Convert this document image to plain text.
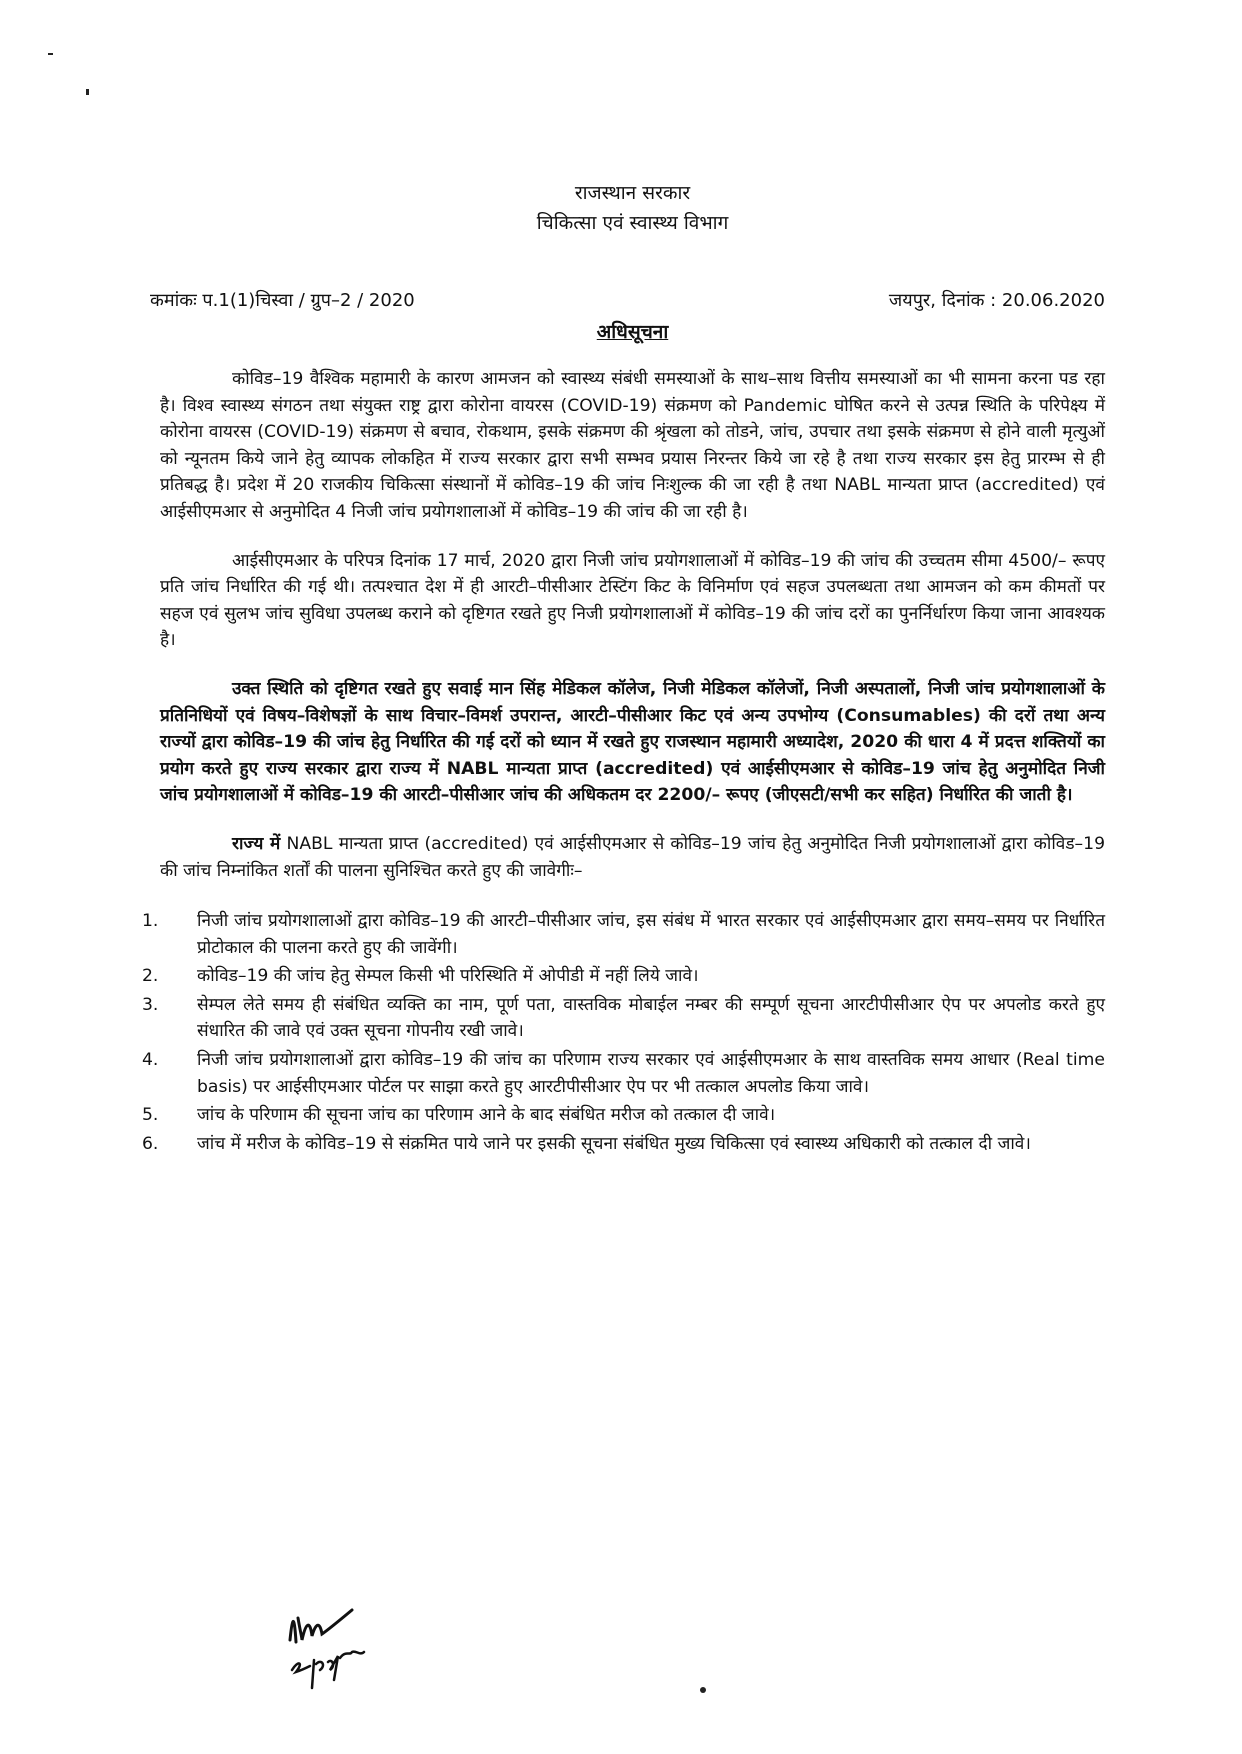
राजस्थान सरकार
चिकित्सा एवं स्वास्थ्य विभाग
कमांकः प.1(1)चिस्वा / ग्रुप–2 / 2020	जयपुर, दिनांक : 20.06.2020
अधिसूचना

कोविड–19 वैश्विक महामारी के कारण आमजन को स्वास्थ्य संबंधी समस्याओं के साथ–साथ वित्तीय समस्याओं का भी सामना करना पड रहा है। विश्व स्वास्थ्य संगठन तथा संयुक्त राष्ट्र द्वारा कोरोना वायरस (COVID-19) संक्रमण को Pandemic घोषित करने से उत्पन्न स्थिति के परिपेक्ष्य में कोरोना वायरस (COVID-19) संक्रमण से बचाव, रोकथाम, इसके संक्रमण की श्रृंखला को तोडने, जांच, उपचार तथा इसके संक्रमण से होने वाली मृत्युओं को न्यूनतम किये जाने हेतु व्यापक लोकहित में राज्य सरकार द्वारा सभी सम्भव प्रयास निरन्तर किये जा रहे है तथा राज्य सरकार इस हेतु प्रारम्भ से ही प्रतिबद्ध है। प्रदेश में 20 राजकीय चिकित्सा संस्थानों में कोविड–19 की जांच निःशुल्क की जा रही है तथा NABL मान्यता प्राप्त (accredited) एवं आईसीएमआर से अनुमोदित 4 निजी जांच प्रयोगशालाओं में कोविड–19 की जांच की जा रही है।

आईसीएमआर के परिपत्र दिनांक 17 मार्च, 2020 द्वारा निजी जांच प्रयोगशालाओं में कोविड–19 की जांच की उच्चतम सीमा 4500/– रूपए प्रति जांच निर्धारित की गई थी। तत्पश्चात देश में ही आरटी–पीसीआर टेस्टिंग किट के विनिर्माण एवं सहज उपलब्धता तथा आमजन को कम कीमतों पर सहज एवं सुलभ जांच सुविधा उपलब्ध कराने को दृष्टिगत रखते हुए निजी प्रयोगशालाओं में कोविड–19 की जांच दरों का पुनर्निर्धारण किया जाना आवश्यक है।

उक्त स्थिति को दृष्टिगत रखते हुए सवाई मान सिंह मेडिकल कॉलेज, निजी मेडिकल कॉलेजों, निजी अस्पतालों, निजी जांच प्रयोगशालाओं के प्रतिनिधियों एवं विषय–विशेषज्ञों के साथ विचार–विमर्श उपरान्त, आरटी–पीसीआर किट एवं अन्य उपभोग्य (Consumables) की दरों तथा अन्य राज्यों द्वारा कोविड–19 की जांच हेतु निर्धारित की गई दरों को ध्यान में रखते हुए राजस्थान महामारी अध्यादेश, 2020 की धारा 4 में प्रदत्त शक्तियों का प्रयोग करते हुए राज्य सरकार द्वारा राज्य में NABL मान्यता प्राप्त (accredited) एवं आईसीएमआर से कोविड–19 जांच हेतु अनुमोदित निजी जांच प्रयोगशालाओं में कोविड–19 की आरटी–पीसीआर जांच की अधिकतम दर 2200/– रूपए (जीएसटी/सभी कर सहित) निर्धारित की जाती है।

राज्य में NABL मान्यता प्राप्त (accredited) एवं आईसीएमआर से कोविड–19 जांच हेतु अनुमोदित निजी प्रयोगशालाओं द्वारा कोविड–19 की जांच निम्नांकित शर्तों की पालना सुनिश्चित करते हुए की जावेगीः–

1.	निजी जांच प्रयोगशालाओं द्वारा कोविड–19 की आरटी–पीसीआर जांच, इस संबंध में भारत सरकार एवं आईसीएमआर द्वारा समय–समय पर निर्धारित प्रोटोकाल की पालना करते हुए की जावेंगी।
2.	कोविड–19 की जांच हेतु सेम्पल किसी भी परिस्थिति में ओपीडी में नहीं लिये जावे।
3.	सेम्पल लेते समय ही संबंधित व्यक्ति का नाम, पूर्ण पता, वास्तविक मोबाईल नम्बर की सम्पूर्ण सूचना आरटीपीसीआर ऐप पर अपलोड करते हुए संधारित की जावे एवं उक्त सूचना गोपनीय रखी जावे।
4.	निजी जांच प्रयोगशालाओं द्वारा कोविड–19 की जांच का परिणाम राज्य सरकार एवं आईसीएमआर के साथ वास्तविक समय आधार (Real time basis) पर आईसीएमआर पोर्टल पर साझा करते हुए आरटीपीसीआर ऐप पर भी तत्काल अपलोड किया जावे।
5.	जांच के परिणाम की सूचना जांच का परिणाम आने के बाद संबंधित मरीज को तत्काल दी जावे।
6.	जांच में मरीज के कोविड–19 से संक्रमित पाये जाने पर इसकी सूचना संबंधित मुख्य चिकित्सा एवं स्वास्थ्य अधिकारी को तत्काल दी जावे।
